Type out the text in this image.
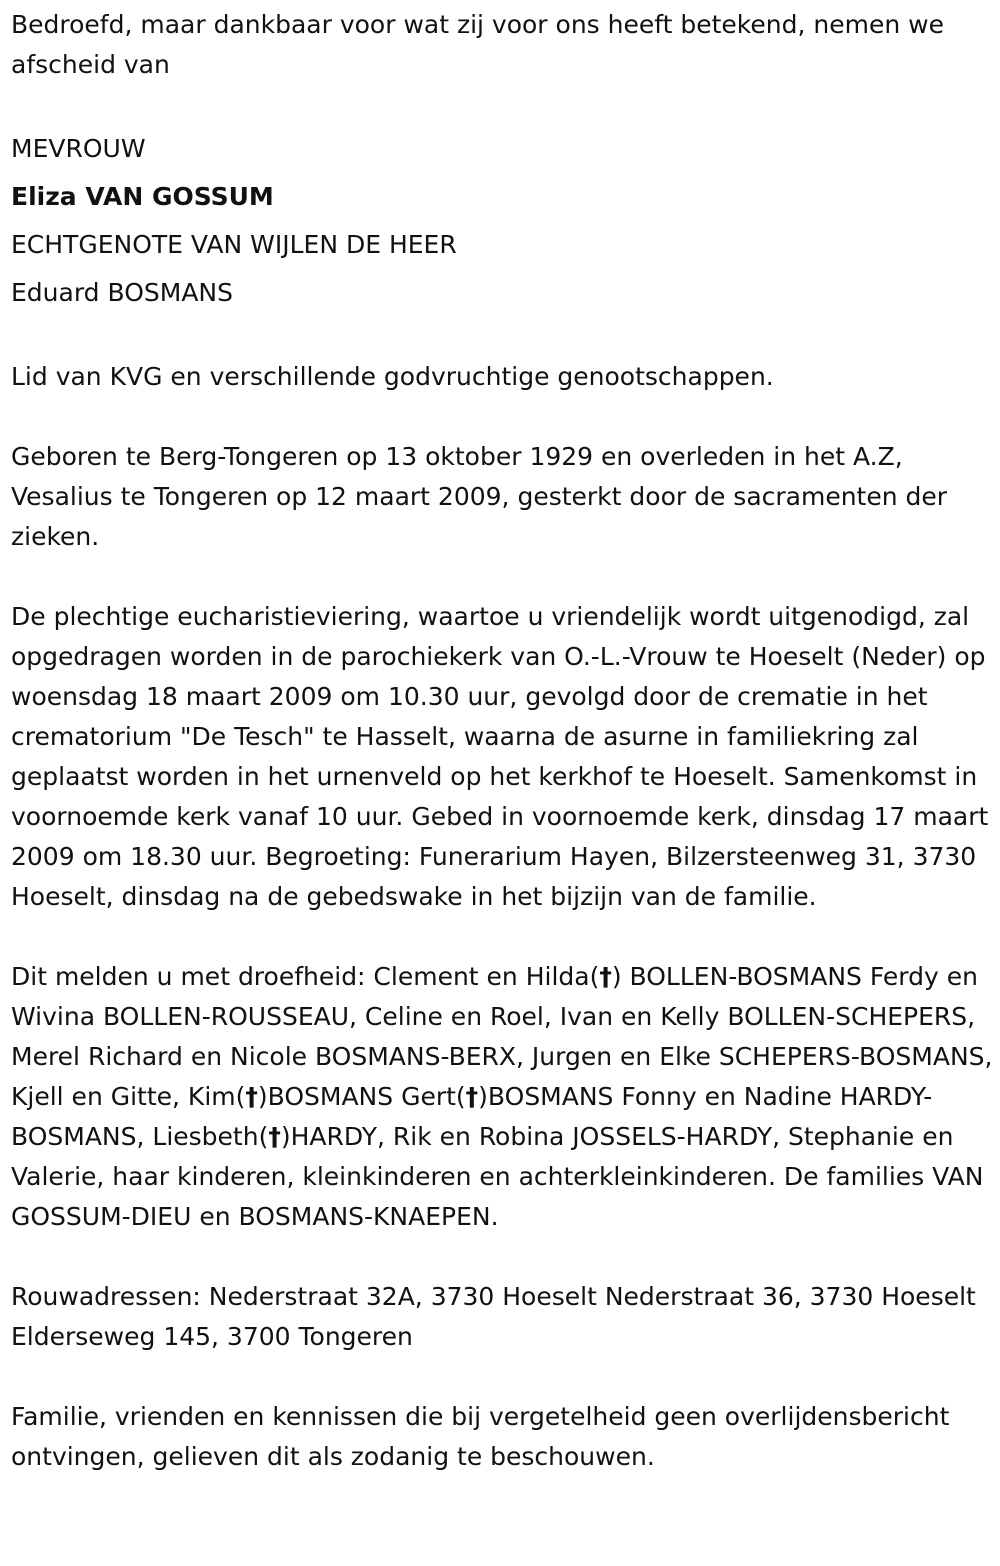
Bedroefd, maar dankbaar voor wat zij voor ons heeft betekend, nemen we afscheid van

MEVROUW

Eliza VAN GOSSUM

ECHTGENOTE VAN WIJLEN DE HEER

Eduard BOSMANS

Lid van KVG en verschillende godvruchtige genootschappen.

Geboren te Berg-Tongeren op 13 oktober 1929 en overleden in het A.Z, Vesalius te Tongeren op 12 maart 2009, gesterkt door de sacramenten der zieken.

De plechtige eucharistieviering, waartoe u vriendelijk wordt uitgenodigd, zal opgedragen worden in de parochiekerk van O.-L.-Vrouw te Hoeselt (Neder) op woensdag 18 maart 2009 om 10.30 uur, gevolgd door de crematie in het crematorium "De Tesch" te Hasselt, waarna de asurne in familiekring zal geplaatst worden in het urnenveld op het kerkhof te Hoeselt. Samenkomst in voornoemde kerk vanaf 10 uur. Gebed in voornoemde kerk, dinsdag 17 maart 2009 om 18.30 uur. Begroeting: Funerarium Hayen, Bilzersteenweg 31, 3730 Hoeselt, dinsdag na de gebedswake in het bijzijn van de familie.

Dit melden u met droefheid: Clement en Hilda(†) BOLLEN-BOSMANS Ferdy en Wivina BOLLEN-ROUSSEAU, Celine en Roel, Ivan en Kelly BOLLEN-SCHEPERS, Merel Richard en Nicole BOSMANS-BERX, Jurgen en Elke SCHEPERS-BOSMANS, Kjell en Gitte, Kim(†)BOSMANS Gert(†)BOSMANS Fonny en Nadine HARDY-BOSMANS, Liesbeth(†)HARDY, Rik en Robina JOSSELS-HARDY, Stephanie en Valerie, haar kinderen, kleinkinderen en achterkleinkinderen. De families VAN GOSSUM-DIEU en BOSMANS-KNAEPEN.

Rouwadressen: Nederstraat 32A, 3730 Hoeselt Nederstraat 36, 3730 Hoeselt Elderseweg 145, 3700 Tongeren

Familie, vrienden en kennissen die bij vergetelheid geen overlijdensbericht ontvingen, gelieven dit als zodanig te beschouwen.
